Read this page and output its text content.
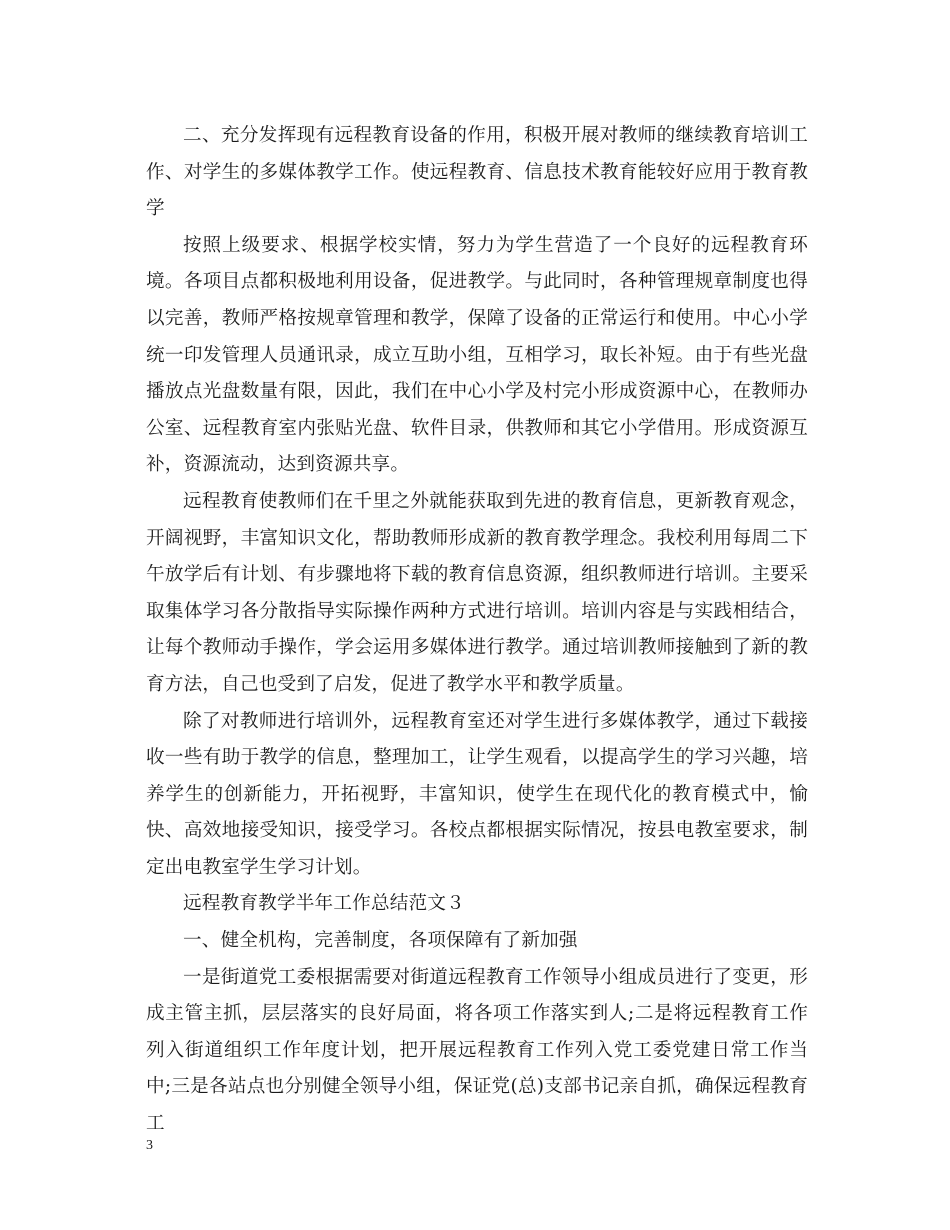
二、充分发挥现有远程教育设备的作用，积极开展对教师的继续教育培训工作、对学生的多媒体教学工作。使远程教育、信息技术教育能较好应用于教育教学

按照上级要求、根据学校实情，努力为学生营造了一个良好的远程教育环境。各项目点都积极地利用设备，促进教学。与此同时，各种管理规章制度也得以完善，教师严格按规章管理和教学，保障了设备的正常运行和使用。中心小学统一印发管理人员通讯录，成立互助小组，互相学习，取长补短。由于有些光盘播放点光盘数量有限，因此，我们在中心小学及村完小形成资源中心，在教师办公室、远程教育室内张贴光盘、软件目录，供教师和其它小学借用。形成资源互补，资源流动，达到资源共享。

远程教育使教师们在千里之外就能获取到先进的教育信息，更新教育观念，开阔视野，丰富知识文化，帮助教师形成新的教育教学理念。我校利用每周二下午放学后有计划、有步骤地将下载的教育信息资源，组织教师进行培训。主要采取集体学习各分散指导实际操作两种方式进行培训。培训内容是与实践相结合，让每个教师动手操作，学会运用多媒体进行教学。通过培训教师接触到了新的教育方法，自己也受到了启发，促进了教学水平和教学质量。

除了对教师进行培训外，远程教育室还对学生进行多媒体教学，通过下载接收一些有助于教学的信息，整理加工，让学生观看，以提高学生的学习兴趣，培养学生的创新能力，开拓视野，丰富知识，使学生在现代化的教育模式中，愉快、高效地接受知识，接受学习。各校点都根据实际情况，按县电教室要求，制定出电教室学生学习计划。

远程教育教学半年工作总结范文３

一、健全机构，完善制度，各项保障有了新加强

一是街道党工委根据需要对街道远程教育工作领导小组成员进行了变更，形成主管主抓，层层落实的良好局面，将各项工作落实到人;二是将远程教育工作列入街道组织工作年度计划，把开展远程教育工作列入党工委党建日常工作当中;三是各站点也分别健全领导小组，保证党(总)支部书记亲自抓，确保远程教育工

3
